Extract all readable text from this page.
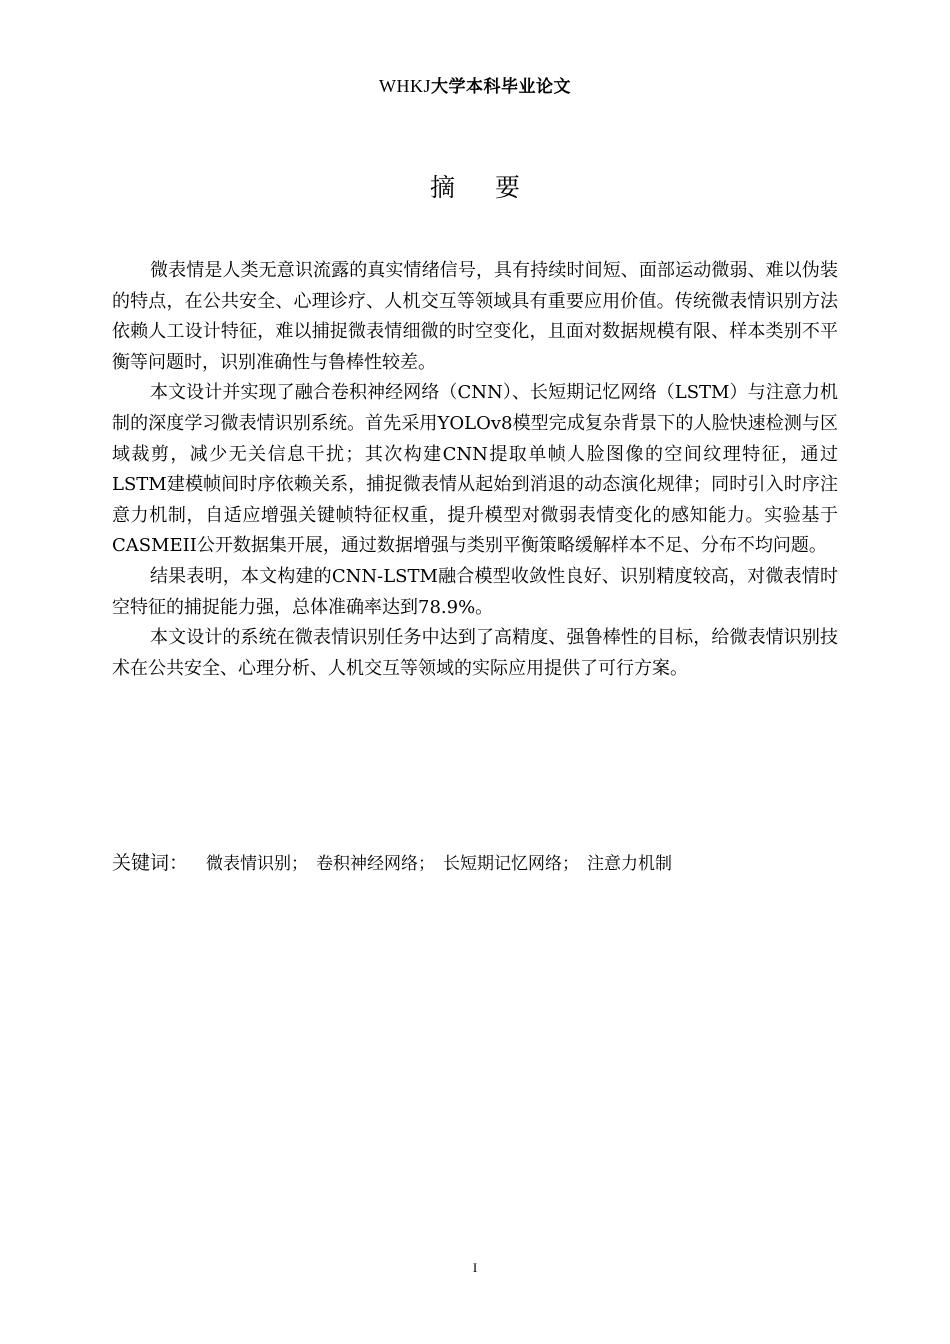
WHKJ大学本科毕业论文
摘要

微表情是人类无意识流露的真实情绪信号，具有持续时间短、面部运动微弱、难以伪装的特点，在公共安全、心理诊疗、人机交互等领域具有重要应用价值。传统微表情识别方法依赖人工设计特征，难以捕捉微表情细微的时空变化，且面对数据规模有限、样本类别不平衡等问题时，识别准确性与鲁棒性较差。

本文设计并实现了融合卷积神经网络（CNN）、长短期记忆网络（LSTM）与注意力机制的深度学习微表情识别系统。首先采用YOLOv8模型完成复杂背景下的人脸快速检测与区域裁剪，减少无关信息干扰；其次构建CNN提取单帧人脸图像的空间纹理特征，通过LSTM建模帧间时序依赖关系，捕捉微表情从起始到消退的动态演化规律；同时引入时序注意力机制，自适应增强关键帧特征权重，提升模型对微弱表情变化的感知能力。实验基于CASMEII公开数据集开展，通过数据增强与类别平衡策略缓解样本不足、分布不均问题。

结果表明，本文构建的CNN-LSTM融合模型收敛性良好、识别精度较高，对微表情时空特征的捕捉能力强，总体准确率达到78.9%。

本文设计的系统在微表情识别任务中达到了高精度、强鲁棒性的目标，给微表情识别技术在公共安全、心理分析、人机交互等领域的实际应用提供了可行方案。

关键词： 微表情识别； 卷积神经网络； 长短期记忆网络； 注意力机制
I
